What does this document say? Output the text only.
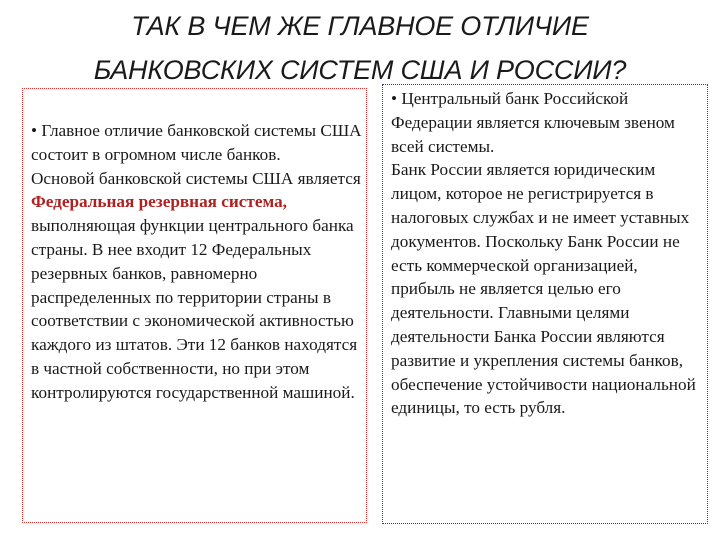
ТАК В ЧЕМ ЖЕ ГЛАВНОЕ ОТЛИЧИЕ
БАНКОВСКИХ СИСТЕМ США И РОССИИ?

• Главное отличие банковской системы США состоит в огромном числе банков.

Основой банковской системы США является Федеральная резервная система, выполняющая функции центрального банка страны. В нее входит 12 Федеральных резервных банков, равномерно распределенных по территории страны в соответствии с экономической активностью каждого из штатов. Эти 12 банков находятся в частной собственности, но при этом контролируются государственной машиной.

• Центральный банк Российской Федерации является ключевым звеном всей системы.

Банк России является юридическим лицом, которое не регистрируется в налоговых службах и не имеет уставных документов. Поскольку Банк России не есть коммерческой организацией, прибыль не является целью его деятельности. Главными целями деятельности Банка России являются развитие и укрепления системы банков, обеспечение устойчивости национальной единицы, то есть рубля.
